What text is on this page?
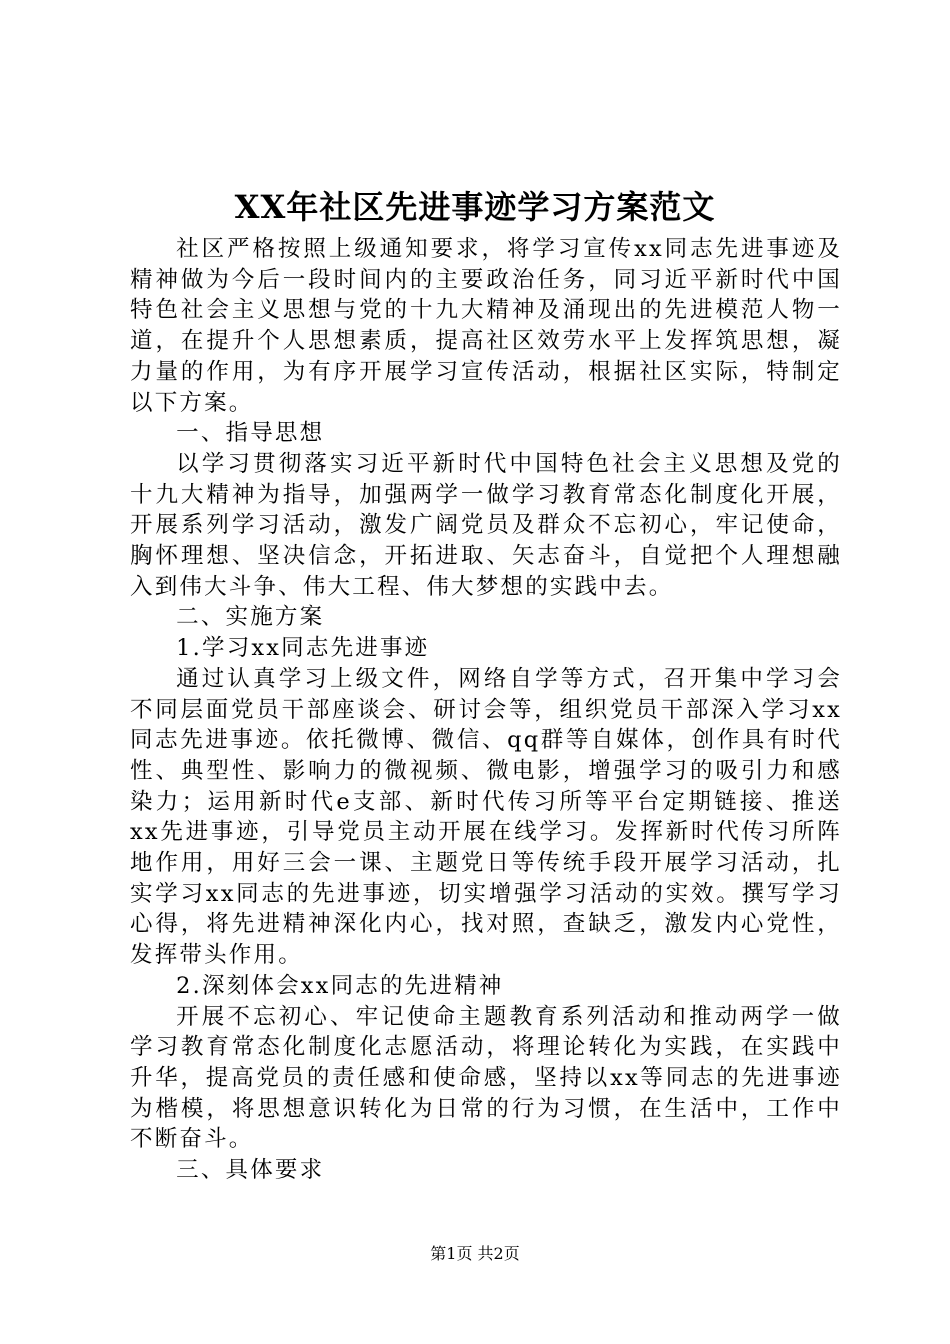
XX年社区先进事迹学习方案范文

社区严格按照上级通知要求，将学习宣传xx同志先进事迹及精神做为今后一段时间内的主要政治任务，同习近平新时代中国特色社会主义思想与党的十九大精神及涌现出的先进模范人物一道，在提升个人思想素质，提高社区效劳水平上发挥筑思想，凝力量的作用，为有序开展学习宣传活动，根据社区实际，特制定以下方案。

一、指导思想

以学习贯彻落实习近平新时代中国特色社会主义思想及党的十九大精神为指导，加强两学一做学习教育常态化制度化开展，开展系列学习活动，激发广阔党员及群众不忘初心，牢记使命，胸怀理想、坚决信念，开拓进取、矢志奋斗，自觉把个人理想融入到伟大斗争、伟大工程、伟大梦想的实践中去。

二、实施方案

1.学习xx同志先进事迹

通过认真学习上级文件，网络自学等方式，召开集中学习会不同层面党员干部座谈会、研讨会等，组织党员干部深入学习xx同志先进事迹。依托微博、微信、qq群等自媒体，创作具有时代性、典型性、影响力的微视频、微电影，增强学习的吸引力和感染力；运用新时代e支部、新时代传习所等平台定期链接、推送xx先进事迹，引导党员主动开展在线学习。发挥新时代传习所阵地作用，用好三会一课、主题党日等传统手段开展学习活动，扎实学习xx同志的先进事迹，切实增强学习活动的实效。撰写学习心得，将先进精神深化内心，找对照，查缺乏，激发内心党性，发挥带头作用。

2.深刻体会xx同志的先进精神

开展不忘初心、牢记使命主题教育系列活动和推动两学一做学习教育常态化制度化志愿活动，将理论转化为实践，在实践中升华，提高党员的责任感和使命感，坚持以xx等同志的先进事迹为楷模，将思想意识转化为日常的行为习惯，在生活中，工作中不断奋斗。

三、具体要求

第1页 共2页
